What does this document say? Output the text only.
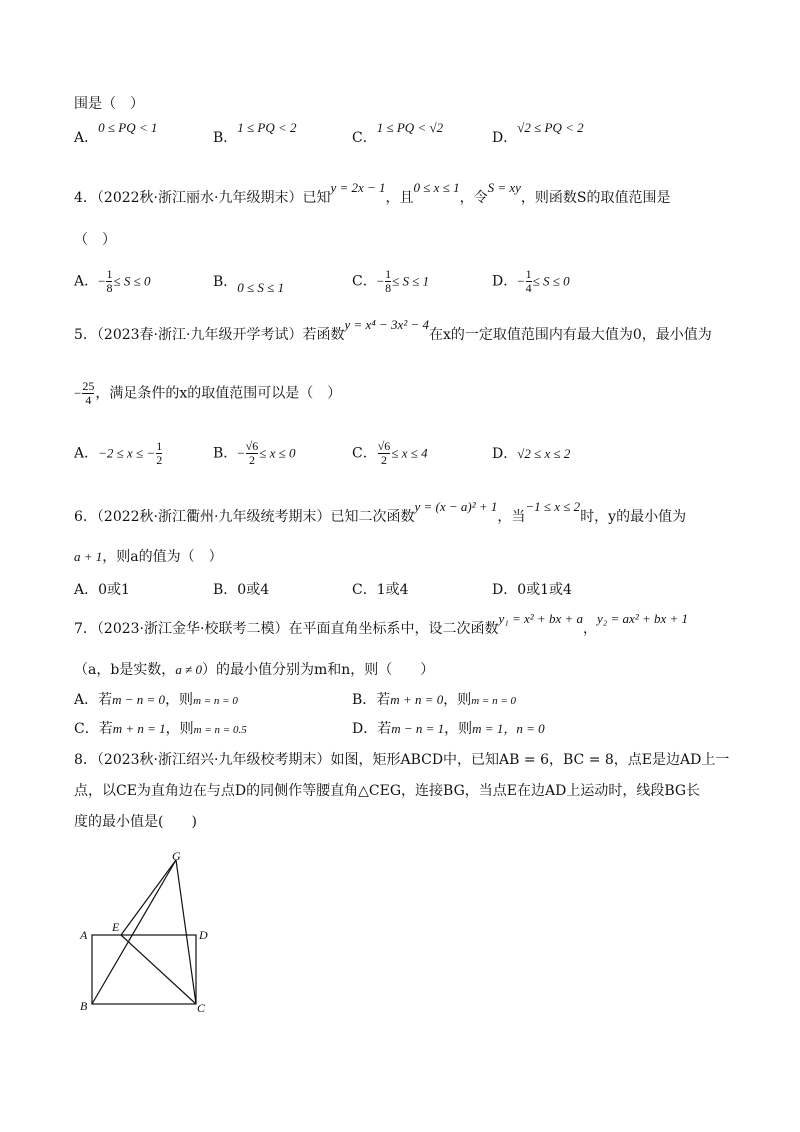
围是（　）
A．0 ≤ PQ < 1
B．1 ≤ PQ < 2
C．1 ≤ PQ < √2
D．√2 ≤ PQ < 2
4．（2022秋·浙江丽水·九年级期末）已知y = 2x − 1，且0 ≤ x ≤ 1，令S = xy，则函数S的取值范围是
（　）
A．− $\frac{1}{8} \le S \le 0$	B．0 ≤ S ≤ 1	C．− $\frac{1}{8} \le S \le 1$	D．− $\frac{1}{4} \le S \le 0$
5．（2023春·浙江·九年级开学考试）若函数y = x⁴ − 3x² − 4在x的一定取值范围内有最大值为0，最小值为
− $\frac{25}{4}$ ，满足条件的x的取值范围可以是（　）
A．−2 ≤ x ≤ − $\frac{1}{2}$	B．− $\frac{√6}{2} \le x \le 0$	C． $\frac{√6}{2} \le x \le 4$	D．√2 ≤ x ≤ 2
6．（2022秋·浙江衢州·九年级统考期末）已知二次函数y = (x − a)² + 1，当−1 ≤ x ≤ 2时，y的最小值为
a + 1，则a的值为（　）
A．0或1	B．0或4	C．1或4	D．0或1或4
7．（2023·浙江金华·校联考二模）在平面直角坐标系中，设二次函数y₁ = x² + bx + a，y₂ = ax² + bx + 1
（a，b是实数，a ≠ 0）的最小值分别为m和n，则（　　）
A．若m − n = 0，则m = n = 0	B．若m + n = 0，则m = n = 0
C．若m + n = 1，则m = n = 0.5	D．若m − n = 1，则m = 1，n = 0
8．（2023秋·浙江绍兴·九年级校考期末）如图，矩形ABCD中，已知AB = 6，BC = 8，点E是边AD上一
点，以CE为直角边在与点D的同侧作等腰直角△CEG，连接BG，当点E在边AD上运动时，线段BG长
度的最小值是(　　)
G
A
E
D
B	C
